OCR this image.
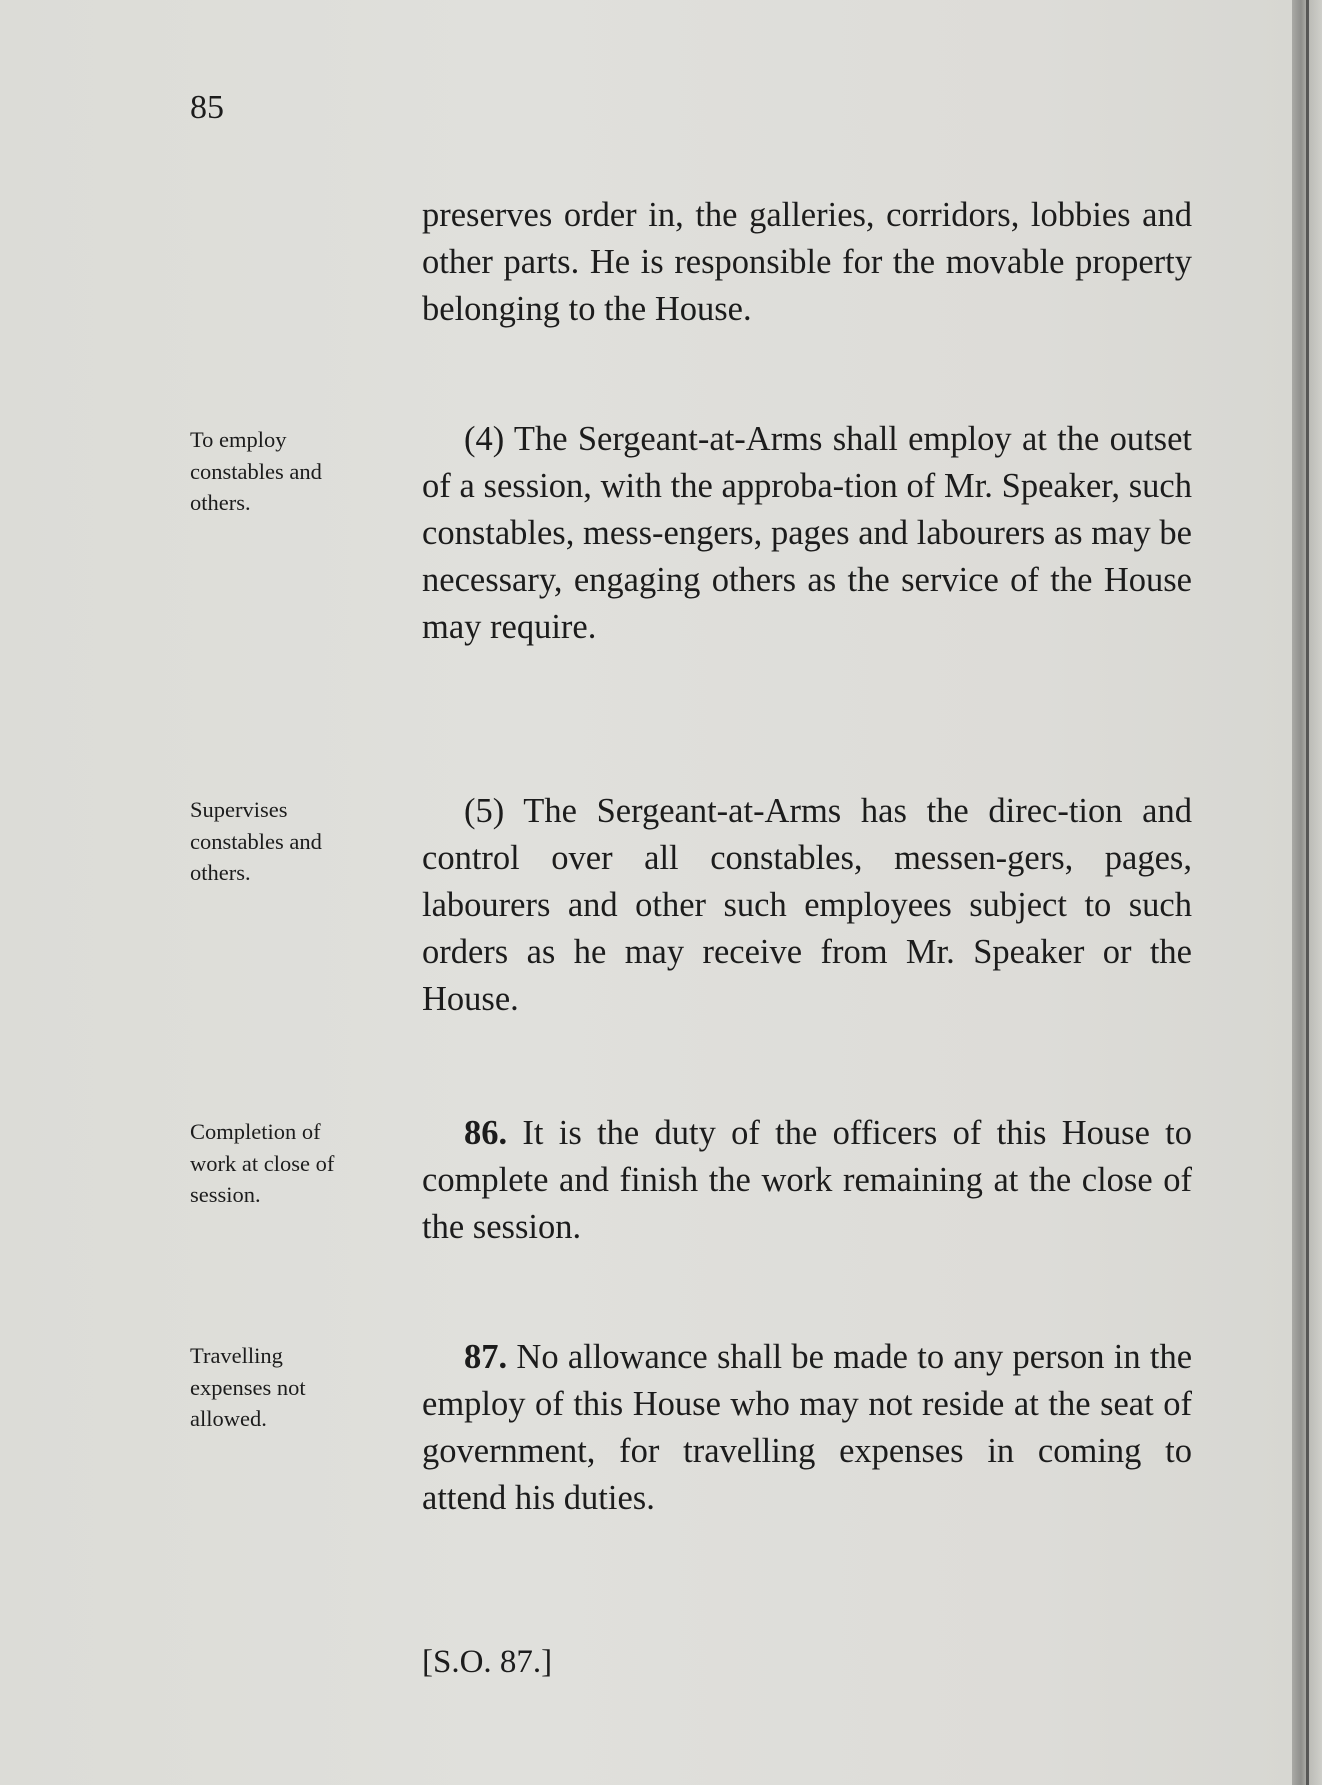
85

preserves order in, the galleries, corridors, lobbies and other parts. He is responsible for the movable property belonging to the House.

To employ
constables and
others.

(4) The Sergeant-at-Arms shall employ at the outset of a session, with the approba-tion of Mr. Speaker, such constables, mess-engers, pages and labourers as may be necessary, engaging others as the service of the House may require.

Supervises
constables and
others.

(5) The Sergeant-at-Arms has the direc-tion and control over all constables, messen-gers, pages, labourers and other such employees subject to such orders as he may receive from Mr. Speaker or the House.

Completion of
work at close of
session.

86. It is the duty of the officers of this House to complete and finish the work remaining at the close of the session.

Travelling
expenses not
allowed.

87. No allowance shall be made to any person in the employ of this House who may not reside at the seat of government, for travelling expenses in coming to attend his duties.

[S.O. 87.]
